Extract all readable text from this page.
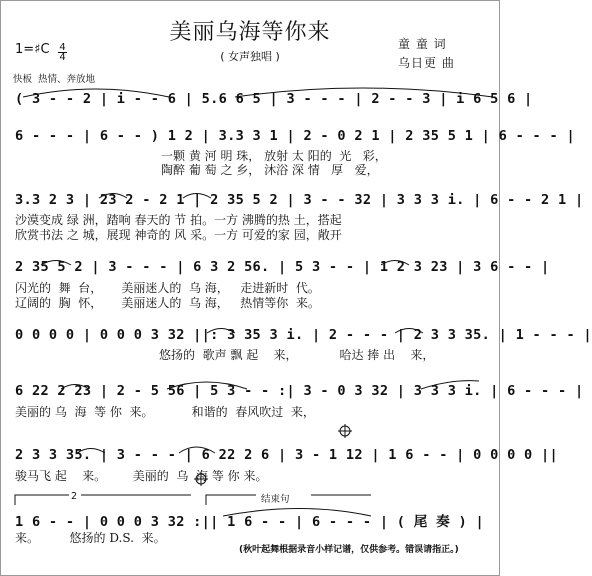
美丽乌海等你来
( 女声独唱 )
童 童 词
乌日更 曲
1=♯C 4
4
快板  热情、奔放地
( 3 - - 2 | i - - 6 | 5.6 6 5 | 3 - - - | 2 - - 3 | i 6 5 6 |
6 - - - | 6 - - ) 1 2 | 3.3 3 1 | 2 - 0 2 1 | 2 35 5 1 | 6 - - - |
一颗 黄 河 明 珠， 放射 太 阳的  光   彩，
陶醉 葡 萄 之 乡， 沐浴 深 情   厚   爱，
3.3 2 3 | 23 2 - 2 1 | 2 35 5 2 | 3 - - 32 | 3 3 3 i. | 6 - - 2 1 |
沙漠变成 绿 洲，踏响 春天的 节 拍。一方 沸腾的热 土，搭起
欣赏书法 之 城，展现 神奇的 风 采。一方 可爱的家 园，敞开
2 35 5 2 | 3 - - - | 6 3 2 56. | 5 3 - - | 1 2 3 23 | 3 6 - - |
闪光的  舞  台，     美丽迷人的  乌 海，   走进新时  代。
辽阔的  胸  怀，     美丽迷人的  乌 海，   热情等你  来。
0 0 0 0 | 0 0 0 3 32 ||: 3 35 3 i. | 2 - - - | 2 3 3 35. | 1 - - - |
悠扬的  歌声 飘 起    来，           哈达 捧 出    来，
6 22 2 23 | 2 - 5 56 | 5 3 - - :| 3 - 0 3 32 | 3 3 3 i. | 6 - - - |
美丽的 乌  海  等 你  来。          和谐的  春风吹过  来，
2 3 3 35. | 3 - - - | 6 22 2 6 | 3 - 1 12 | 1 6 - - | 0 0 0 0 ||
骏马飞 起    来。       美丽的  乌  海 等 你 来。
1 6 - - | 0 0 0 3 32 :|| 1 6 - - | 6 - - - | ( 尾 奏 ) |
来。        悠扬的 D.S.  来。
2	结束句
(秋叶起舞根据录音小样记谱，仅供参考。错误请指正。)
